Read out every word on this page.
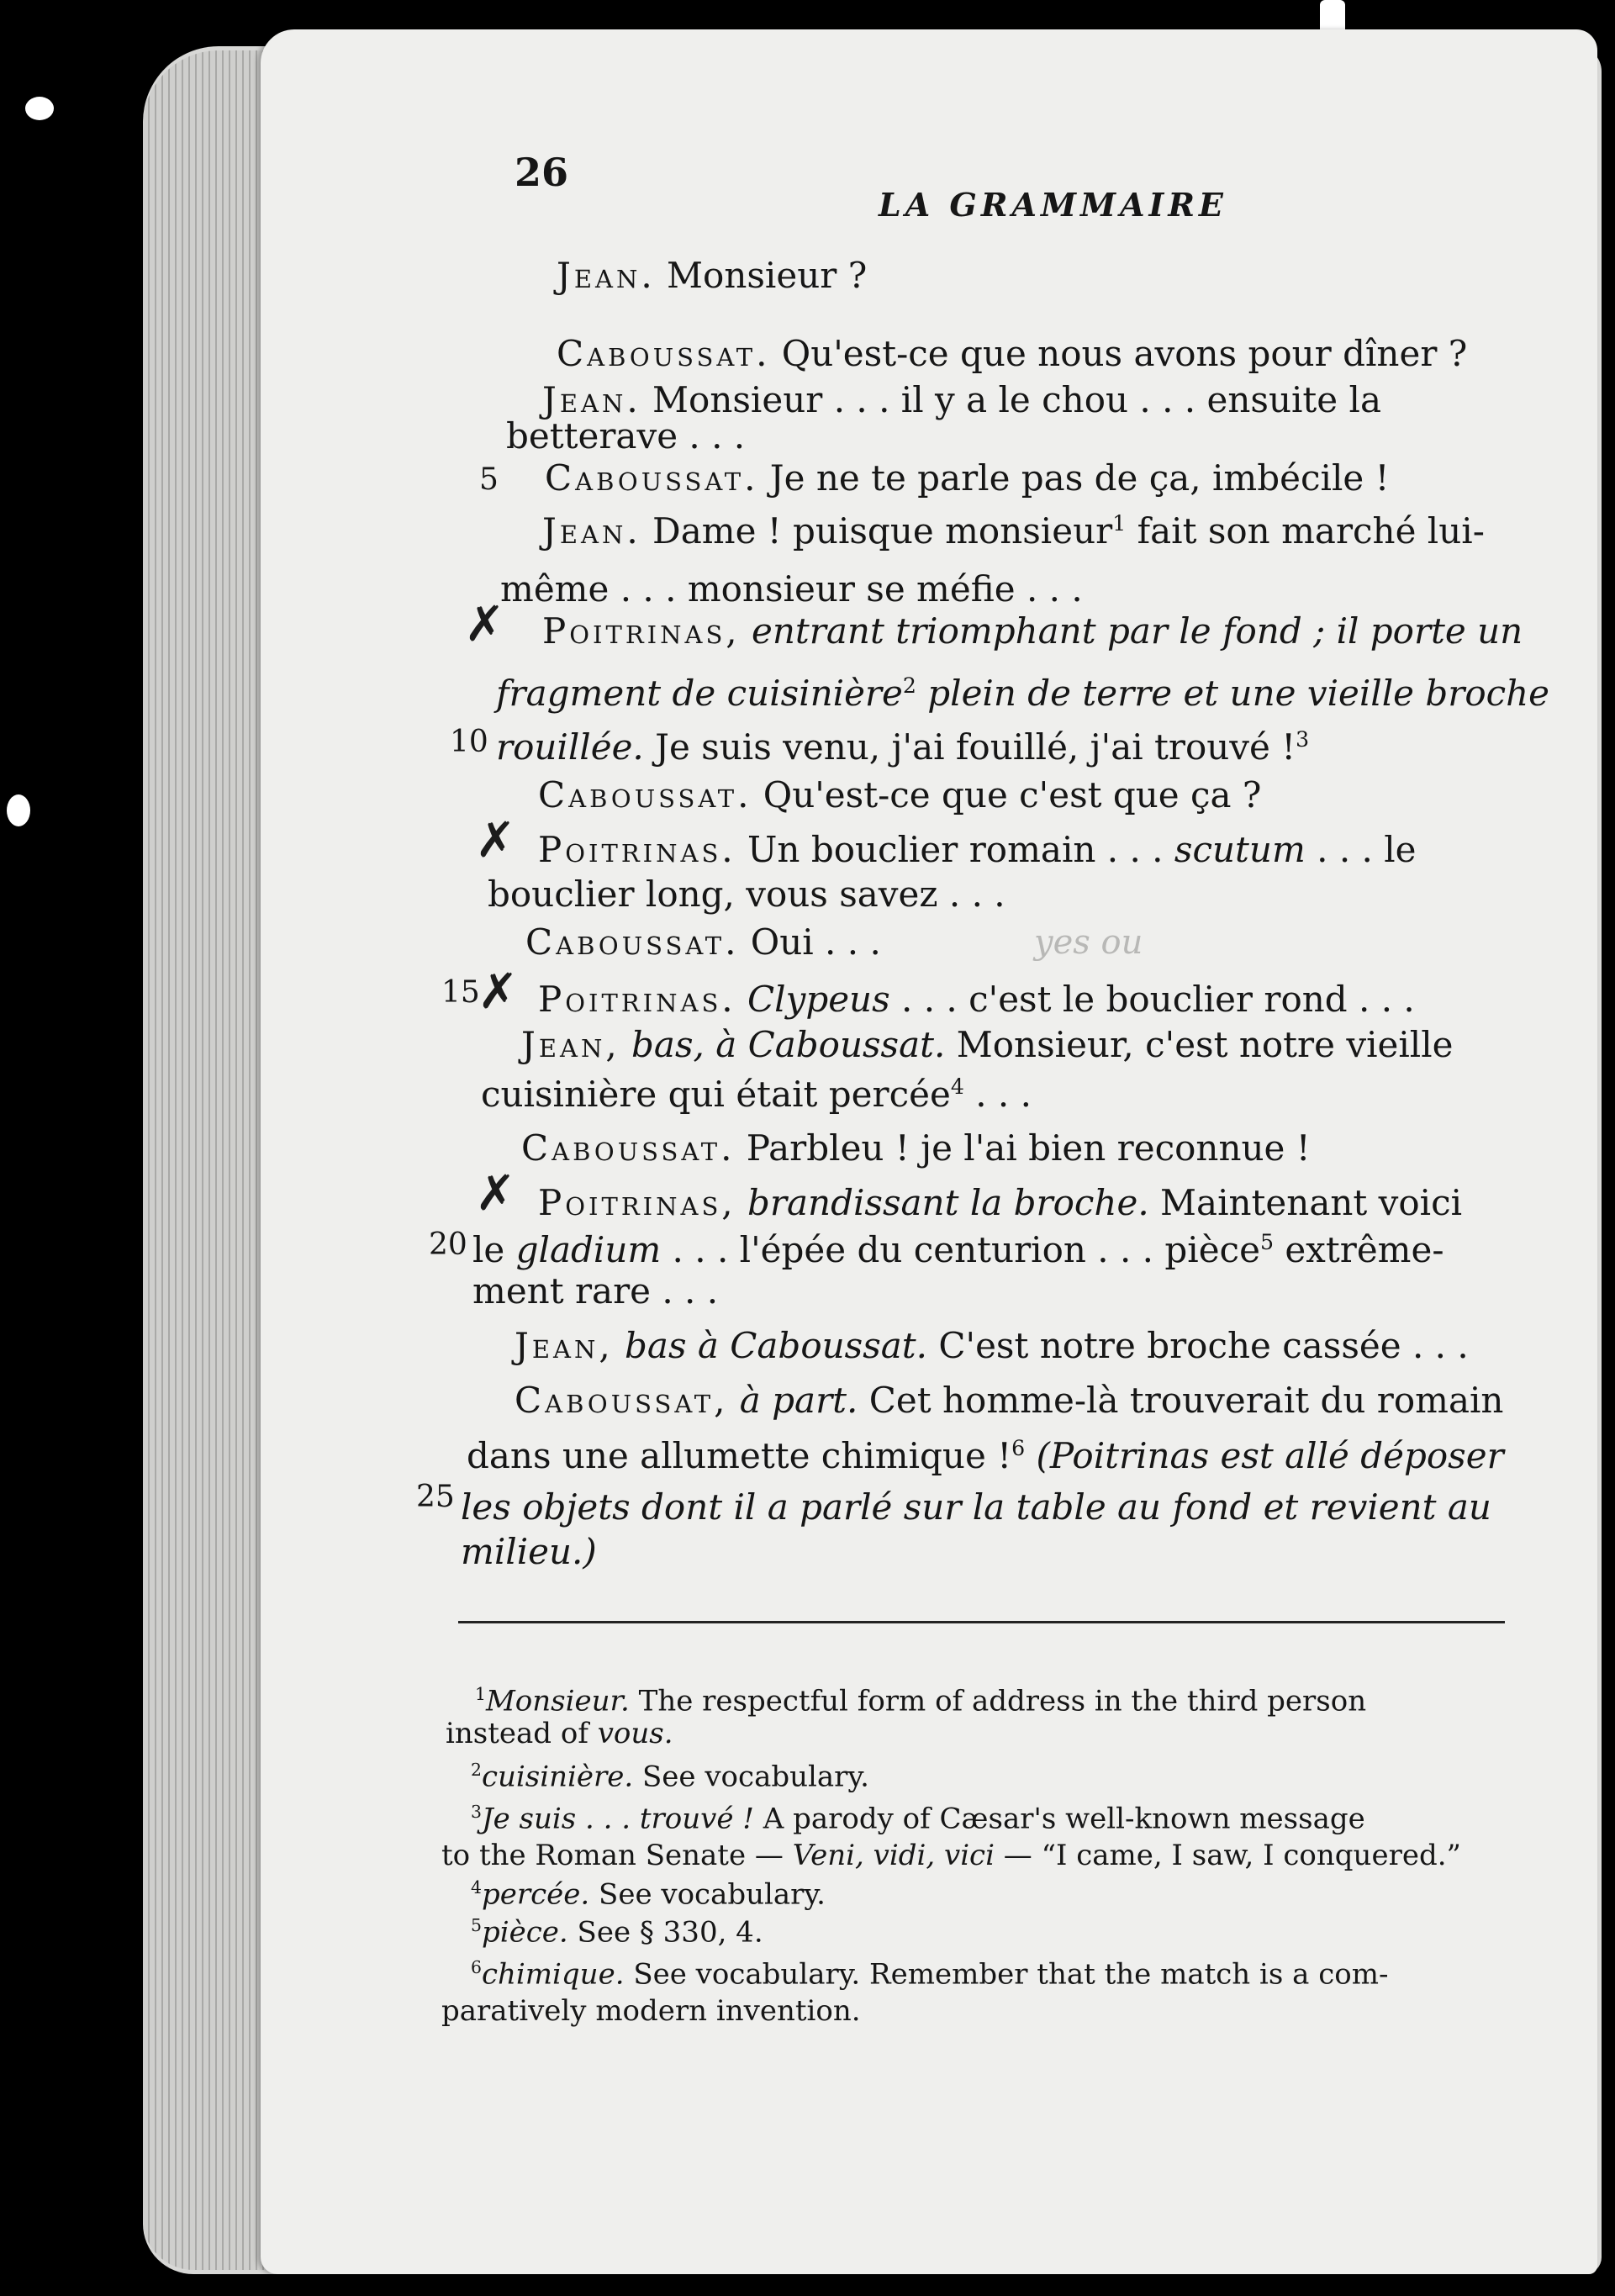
26
LA GRAMMAIRE
Jean. Monsieur ?
Caboussat. Qu'est-ce que nous avons pour dîner ?
Jean. Monsieur . . . il y a le chou . . . ensuite la
betterave . . .
Caboussat. Je ne te parle pas de ça, imbécile !
Jean. Dame ! puisque monsieur$^1$ fait son marché lui-
même . . . monsieur se méfie . . .
Poitrinas, entrant triomphant par le fond ; il porte un
fragment de cuisinière$^2$ plein de terre et une vieille broche
rouillée. Je suis venu, j'ai fouillé, j'ai trouvé !$^3$
Caboussat. Qu'est-ce que c'est que ça ?
Poitrinas. Un bouclier romain . . . scutum . . . le
bouclier long, vous savez . . .
Caboussat. Oui . . .
Poitrinas. Clypeus . . . c'est le bouclier rond . . .
Jean, bas, à Caboussat. Monsieur, c'est notre vieille
cuisinière qui était percée$^4$ . . .
Caboussat. Parbleu ! je l'ai bien reconnue !
Poitrinas, brandissant la broche. Maintenant voici
le gladium . . . l'épée du centurion . . . pièce$^5$ extrême-
ment rare . . .
Jean, bas à Caboussat. C'est notre broche cassée . . .
Caboussat, à part. Cet homme-là trouverait du romain
dans une allumette chimique !$^6$ (Poitrinas est allé déposer
les objets dont il a parlé sur la table au fond et revient au
milieu.)
5
10
15
20
25
✗
✗
✗
✗
yes ou
$^1$Monsieur. The respectful form of address in the third person
instead of vous.
$^2$cuisinière. See vocabulary.
$^3$Je suis . . . trouvé ! A parody of Cæsar's well-known message
to the Roman Senate — Veni, vidi, vici — “I came, I saw, I conquered.”
$^4$percée. See vocabulary.
$^5$pièce. See § 330, 4.
$^6$chimique. See vocabulary. Remember that the match is a com-
paratively modern invention.
